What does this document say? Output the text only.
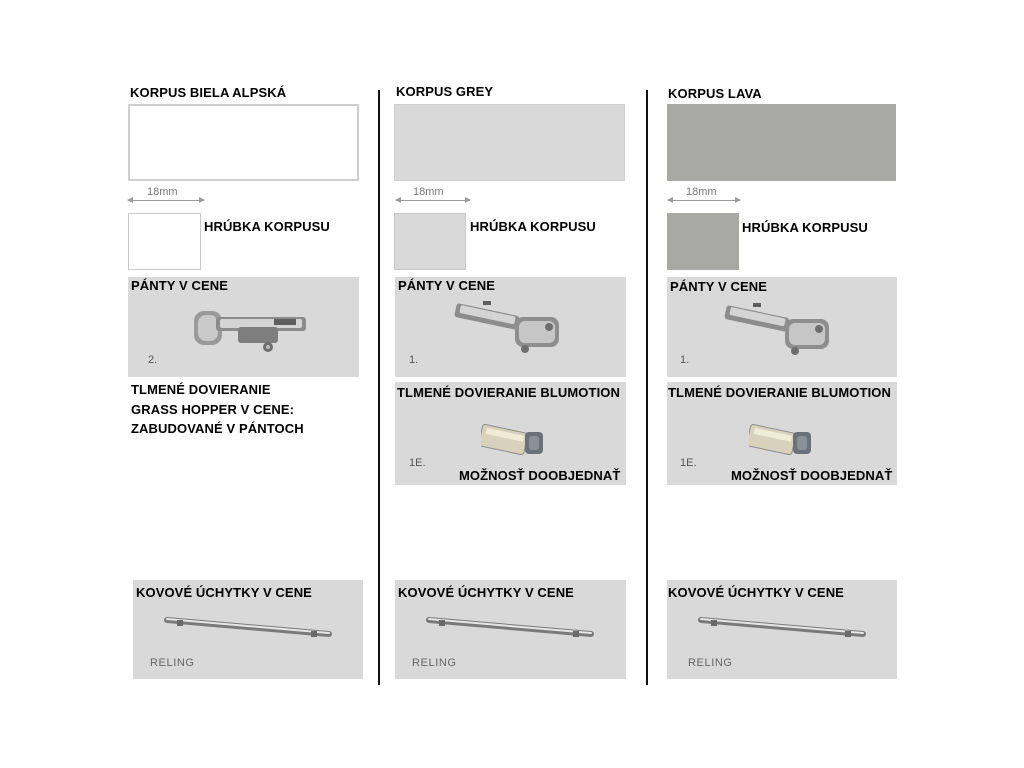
KORPUS BIELA ALPSKÁ
18mm
HRÚBKA KORPUSU
PÁNTY V CENE
2.
TLMENÉ DOVIERANIE
GRASS HOPPER V CENE:
ZABUDOVANÉ V PÁNTOCH
KOVOVÉ ÚCHYTKY V CENE
RELING
KORPUS GREY
18mm
HRÚBKA KORPUSU
PÁNTY V CENE
1.
TLMENÉ DOVIERANIE BLUMOTION
1E.
MOŽNOSŤ DOOBJEDNAŤ
KOVOVÉ ÚCHYTKY V CENE
RELING
KORPUS LAVA
18mm
HRÚBKA KORPUSU
PÁNTY V CENE
1.
TLMENÉ DOVIERANIE BLUMOTION
1E.
MOŽNOSŤ DOOBJEDNAŤ
KOVOVÉ ÚCHYTKY V CENE
RELING
